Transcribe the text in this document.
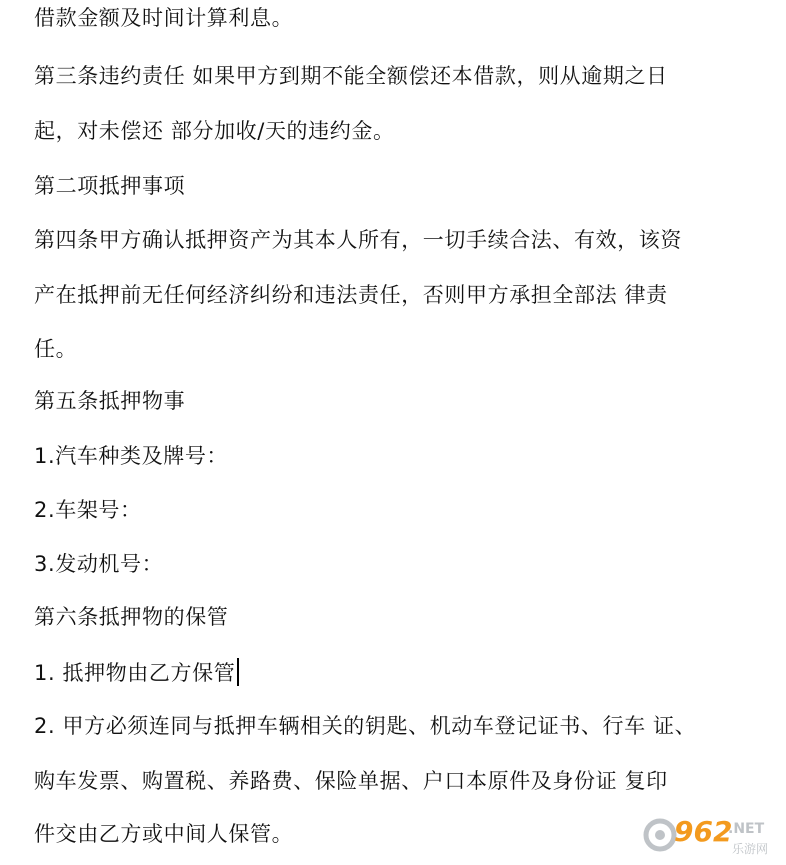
借款金额及时间计算利息。

第三条违约责任 如果甲方到期不能全额偿还本借款，则从逾期之日

起，对未偿还 部分加收/天的违约金。

第二项抵押事项

第四条甲方确认抵押资产为其本人所有，一切手续合法、有效，该资

产在抵押前无任何经济纠纷和违法责任，否则甲方承担全部法 律责

任。

第五条抵押物事

1.汽车种类及牌号：

2.车架号：

3.发动机号：

第六条抵押物的保管

1. 抵押物由乙方保管

2. 甲方必须连同与抵押车辆相关的钥匙、机动车登记证书、行车 证、

购车发票、购置税、养路费、保险单据、户口本原件及身份证 复印

件交由乙方或中间人保管。	962
.NET
乐游网
